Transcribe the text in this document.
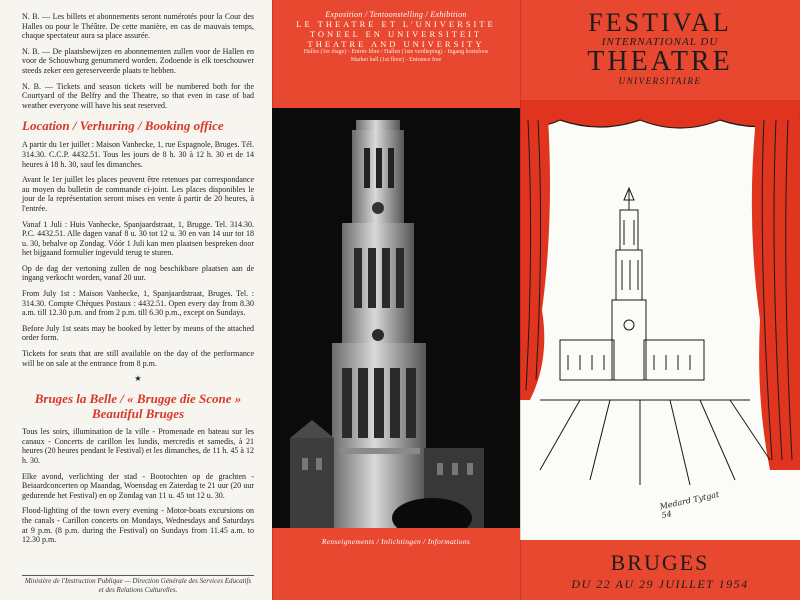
N. B. — Les billets et abonnements seront numérotés pour la Cour des Halles ou pour le Théâtre. De cette manière, en cas de mauvais temps, chaque spectateur aura sa place assurée.

N. B. — De plaatsbewijzen en abonnementen zullen voor de Hallen en voor de Schouwburg genummerd worden. Zodoende is elk toeschouwer steeds zeker een gereserveerde plaats te hebben.

N. B. — Tickets and season tickets will be numbered both for the Courtyard of the Belfry and the Theatre, so that even in case of bad weather everyone will have his seat reserved.

Location / Verhuring / Booking office

A partir du 1er juillet : Maison Vanhecke, 1, rue Espagnole, Bruges. Tél. 314.30. C.C.P. 4432.51. Tous les jours de 8 h. 30 à 12 h. 30 et de 14 heures à 18 h. 30, sauf les dimanches.

Avant le 1er juillet les places peuvent être retenues par correspondance au moyen du bulletin de commande ci-joint. Les places disponibles le jour de la représentation seront mises en vente à partir de 20 heures, à l'entrée.

Vanaf 1 Juli : Huis Vanhecke, Spanjaardstraat, 1, Brugge. Tel. 314.30. P.C. 4432.51. Alle dagen vanaf 8 u. 30 tot 12 u. 30 en van 14 uur tot 18 u. 30, behalve op Zondag. Vóór 1 Juli kan men plaatsen bespreken door het bijgaand formulier ingevuld terug te sturen.

Op de dag der vertoning zullen de nog beschikbare plaatsen aan de ingang verkocht worden, vanaf 20 uur.

From July 1st : Maison Vanhecke, 1, Spanjaardstraat, Bruges. Tel. : 314.30. Compte Chèques Postaux : 4432.51. Open every day from 8.30 a.m. till 12.30 p.m. and from 2 p.m. till 6.30 p.m., except on Sundays.

Before July 1st seats may be booked by letter by means of the attached order form.

Tickets for seats that are still available on the day of the performance will be on sale at the entrance from 8 p.m.

★
Bruges la Belle / « Brugge die Scone »
Beautiful Bruges

Tous les soirs, illumination de la ville - Promenade en bateau sur les canaux - Concerts de carillon les lundis, mercredis et samedis, à 21 heures (20 heures pendant le Festival) et les dimanches, de 11 h. 45 à 12 h. 30.

Elke avond, verlichting der stad - Bootochten op de grachten - Beiaardconcerten op Maandag, Woensdag en Zaterdag te 21 uur (20 uur gedurende het Festival) en op Zondag van 11 u. 45 tot 12 u. 30.

Flood-lighting of the town every evening - Motor-boats excursions on the canals - Carillon concerts on Mondays, Wednesdays and Saturdays at 9 p.m. (8 p.m. during the Festival) on Sundays from 11.45 a.m. to 12.30 p.m.

Ministère de l'Instruction Publique — Direction Générale des Services Educatifs et des Relations Culturelles.
Exposition / Tentoonstelling / Exhibition
LE THEATRE ET L'UNIVERSITE
TONEEL EN UNIVERSITEIT
THEATRE AND UNIVERSITY
Halles (1er étage) - Entrée libre / Hallen (1ste verdieping) - Ingang kosteloos
Market hall (1st floor) - Entrance free
Renseignements / Inlichtingen / Informations
FESTIVAL
INTERNATIONAL DU
THEATRE
UNIVERSITAIRE
Medard Tytgat 54
BRUGES
DU 22 AU 29 JUILLET 1954
